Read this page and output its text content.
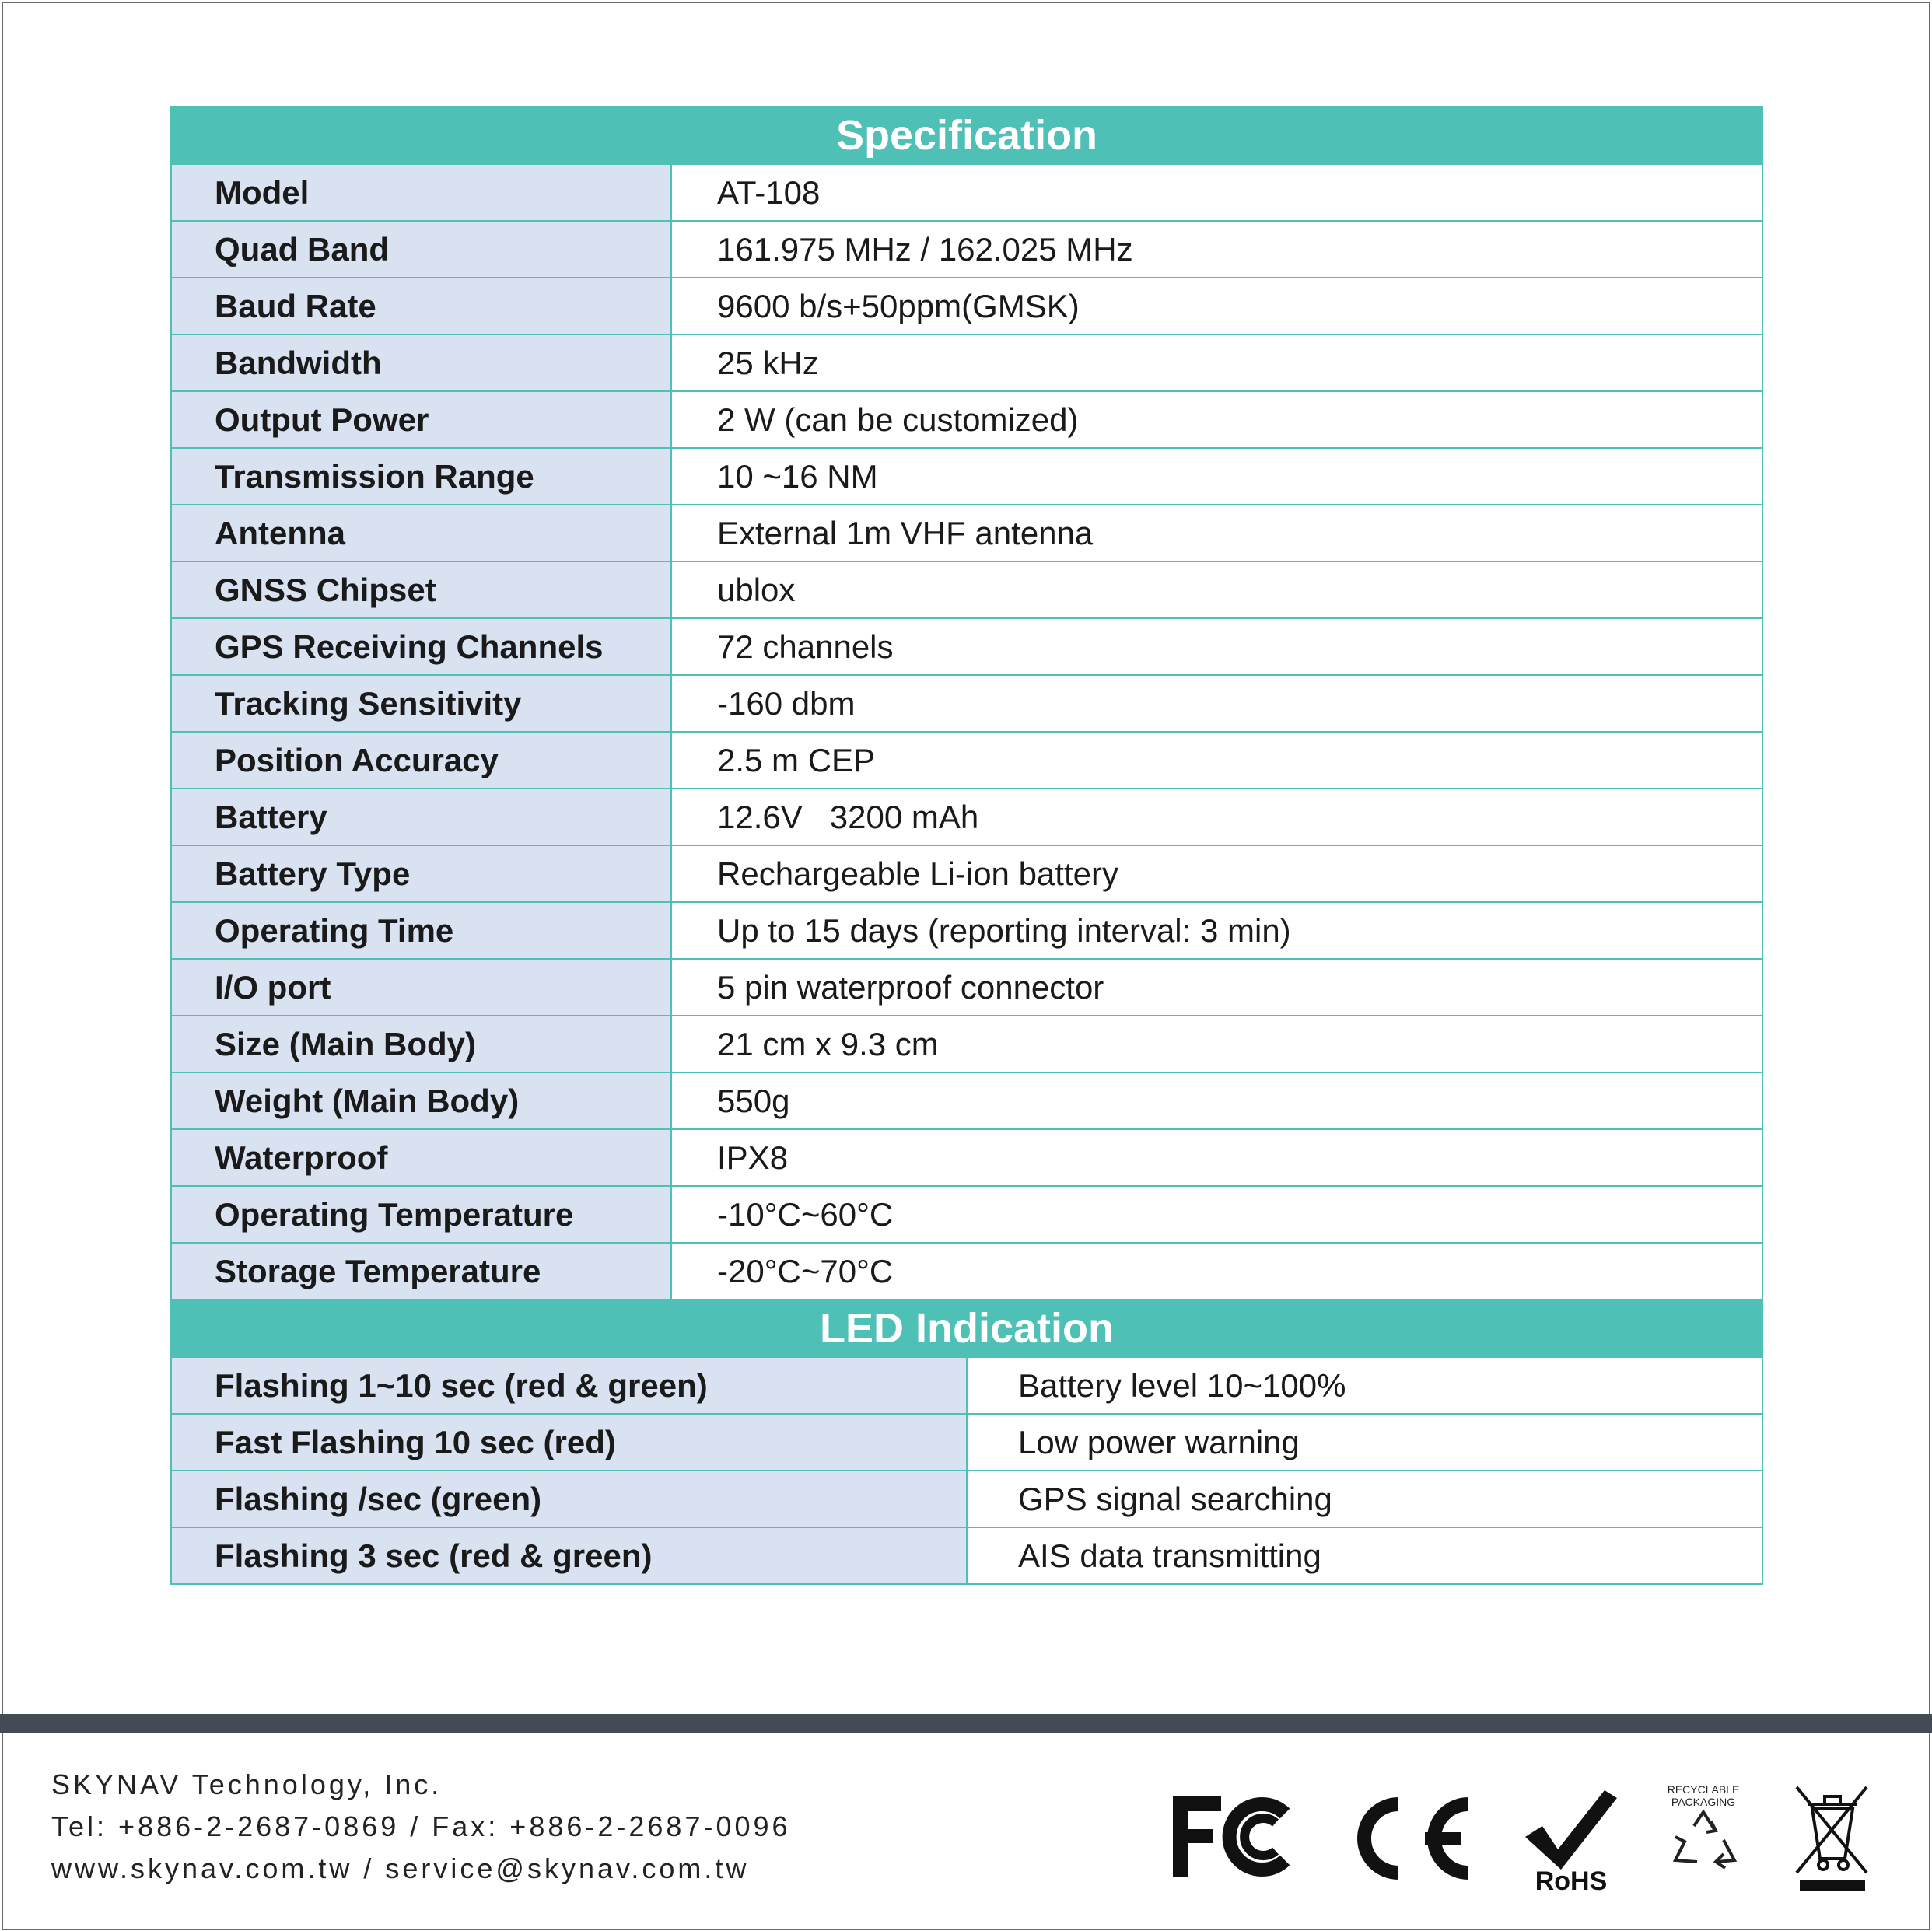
Specification	
Model	AT-108
Quad Band	161.975 MHz / 162.025 MHz
Baud Rate	9600 b/s+50ppm(GMSK)
Bandwidth	25 kHz
Output Power	2 W (can be customized)
Transmission Range	10 ~16 NM
Antenna	External 1m VHF antenna
GNSS Chipset	ublox
GPS Receiving Channels	72 channels
Tracking Sensitivity	-160 dbm
Position Accuracy	2.5 m CEP
Battery	12.6V   3200 mAh
Battery Type	Rechargeable Li-ion battery
Operating Time	Up to 15 days (reporting interval: 3 min)
I/O port	5 pin waterproof connector
Size (Main Body)	21 cm x 9.3 cm
Weight (Main Body)	550g
Waterproof	IPX8
Operating Temperature	-10°C~60°C
Storage Temperature	-20°C~70°C
LED Indication	
Flashing 1~10 sec (red & green)	Battery level 10~100%
Fast Flashing 10 sec (red)	Low power warning
Flashing /sec (green)	GPS signal searching
Flashing 3 sec (red & green)	AIS data transmitting
SKYNAV Technology, Inc.
Tel: +886-2-2687-0869 / Fax: +886-2-2687-0096
www.skynav.com.tw / service@skynav.com.tw
FC
RoHS
RECYCLABLE
PACKAGING
